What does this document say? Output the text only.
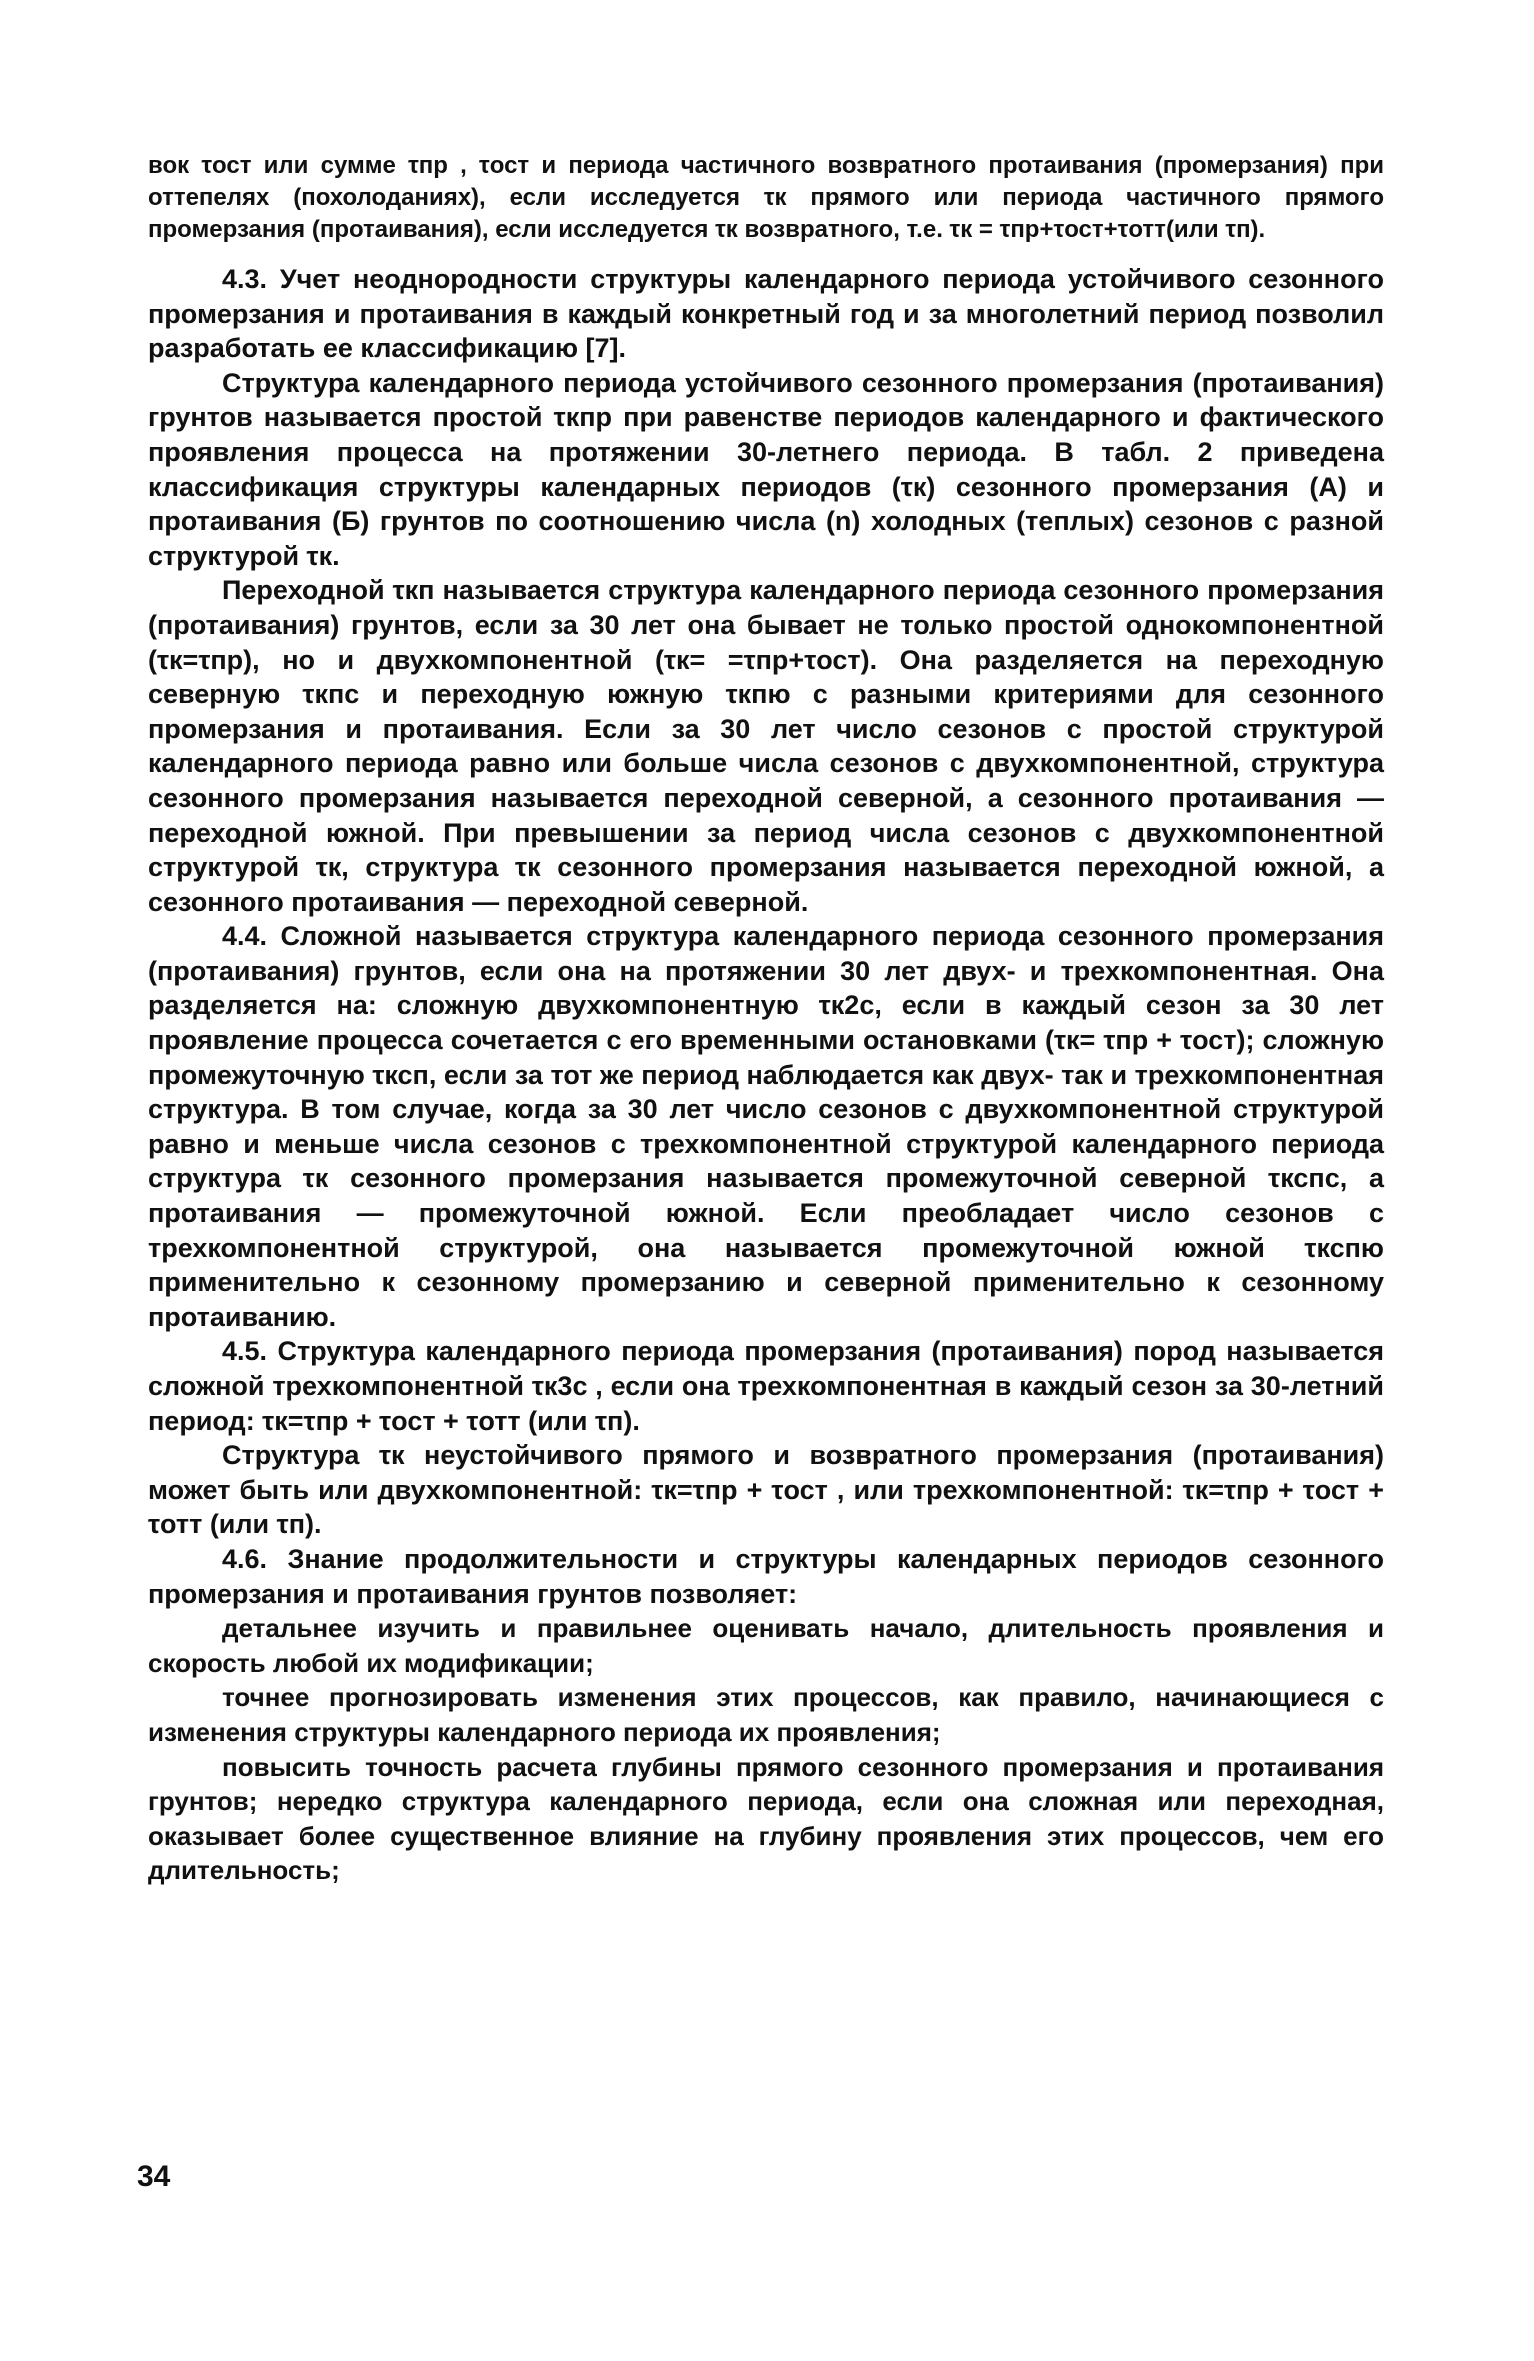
вок τост или сумме τпр , τост и периода частичного возвратного протаивания (промерзания) при оттепелях (похолоданиях), если исследуется τк прямого или периода частичного прямого промерзания (протаивания), если исследуется τк возвратного, т.е. τк = τпр+τост+τотт(или τп).

4.3. Учет неоднородности структуры календарного периода устойчивого сезонного промерзания и протаивания в каждый конкретный год и за многолетний период позволил разработать ее классификацию [7].

Структура календарного периода устойчивого сезонного промерзания (протаивания) грунтов называется простой τкпр при равенстве периодов календарного и фактического проявления процесса на протяжении 30-летнего периода. В табл. 2 приведена классификация структуры календарных периодов (τк) сезонного промерзания (А) и протаивания (Б) грунтов по соотношению числа (n) холодных (теплых) сезонов с разной структурой τк.

Переходной τкп называется структура календарного периода сезонного промерзания (протаивания) грунтов, если за 30 лет она бывает не только простой однокомпонентной (τк=τпр), но и двухкомпонентной (τк= =τпр+τост). Она разделяется на переходную северную τкпс и переходную южную τкпю с разными критериями для сезонного промерзания и протаивания. Если за 30 лет число сезонов с простой структурой календарного периода равно или больше числа сезонов с двухкомпонентной, структура сезонного промерзания называется переходной северной, а сезонного протаивания — переходной южной. При превышении за период числа сезонов с двухкомпонентной структурой τк, структура τк сезонного промерзания называется переходной южной, а сезонного протаивания — переходной северной.

4.4. Сложной называется структура календарного периода сезонного промерзания (протаивания) грунтов, если она на протяжении 30 лет двух- и трехкомпонентная. Она разделяется на: сложную двухкомпонентную τк2с, если в каждый сезон за 30 лет проявление процесса сочетается с его временными остановками (τк= τпр + τост); сложную промежуточную τксп, если за тот же период наблюдается как двух- так и трехкомпонентная структура. В том случае, когда за 30 лет число сезонов с двухкомпонентной структурой равно и меньше числа сезонов с трехкомпонентной структурой календарного периода структура τк сезонного промерзания называется промежуточной северной τкспс, а протаивания — промежуточной южной. Если преобладает число сезонов с трехкомпонентной структурой, она называется промежуточной южной τкспю применительно к сезонному промерзанию и северной применительно к сезонному протаиванию.

4.5. Структура календарного периода промерзания (протаивания) пород называется сложной трехкомпонентной τк3с , если она трехкомпонентная в каждый сезон за 30-летний период: τк=τпр + τост + τотт (или τп).

Структура τк неустойчивого прямого и возвратного промерзания (протаивания) может быть или двухкомпонентной: τк=τпр + τост , или трехкомпонентной: τк=τпр + τост + τотт (или τп).

4.6. Знание продолжительности и структуры календарных периодов сезонного промерзания и протаивания грунтов позволяет:

детальнее изучить и правильнее оценивать начало, длительность проявления и скорость любой их модификации;

точнее прогнозировать изменения этих процессов, как правило, начинающиеся с изменения структуры календарного периода их проявления;

повысить точность расчета глубины прямого сезонного промерзания и протаивания грунтов; нередко структура календарного периода, если она сложная или переходная, оказывает более существенное влияние на глубину проявления этих процессов, чем его длительность;

34
